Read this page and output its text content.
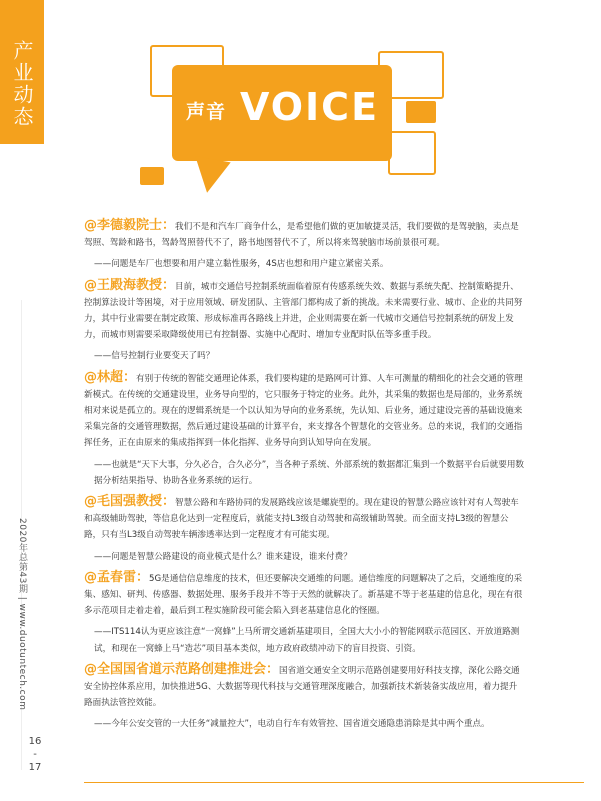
产业动态
2020年总第43期 | www.duotuntech.com
16
-
17
声音 VOICE

@李德毅院士：我们不是和汽车厂商争什么，是希望他们做的更加敏捷灵活，我们要做的是驾驶脑，卖点是驾照、驾龄和路书，驾龄驾照替代不了，路书地图替代不了，所以将来驾驶脑市场前景很可观。

——问题是车厂也想要和用户建立黏性服务，4S店也想和用户建立紧密关系。

@王殿海教授：目前，城市交通信号控制系统面临着原有传感系统失效、数据与系统失配、控制策略提升、控制算法设计等困境，对于应用领域、研发团队、主管部门都构成了新的挑战。未来需要行业、城市、企业的共同努力，其中行业需要在制定政策、形成标准再各路线上并进，企业则需要在新一代城市交通信号控制系统的研发上发力，而城市则需要采取降级使用已有控制器、实施中心配时、增加专业配时队伍等多重手段。

——信号控制行业要变天了吗？

@林超：有别于传统的智能交通理论体系，我们要构建的是路网可计算、人车可测量的精细化的社会交通的管理新模式。在传统的交通建设里，业务导向型的，它只服务于特定的业务。此外，其采集的数据也是局部的，业务系统相对来说是孤立的。现在的逻辑系统是一个以认知为导向的业务系统，先认知、后业务，通过建设完善的基础设施来采集完备的交通管理数据，然后通过建设基础的计算平台，来支撑各个智慧化的交管业务。总的来说，我们的交通指挥任务，正在由原来的集成指挥到一体化指挥、业务导向到认知导向在发展。

——也就是“天下大事，分久必合，合久必分”，当各种子系统、外部系统的数据都汇集到一个数据平台后就要用数据分析结果指导、协助各业务系统的运行。

@毛国强教授：智慧公路和车路协同的发展路线应该是螺旋型的。现在建设的智慧公路应该针对有人驾驶车和高级辅助驾驶，等信息化达到一定程度后，就能支持L3级自动驾驶和高级辅助驾驶。而全面支持L3级的智慧公路，只有当L3级自动驾驶车辆渗透率达到一定程度才有可能实现。

——问题是智慧公路建设的商业模式是什么？谁来建设，谁来付费？

@孟春雷：5G是通信信息维度的技术，但还要解决交通维的问题。通信维度的问题解决了之后，交通维度的采集、感知、研判、传感器、数据处理、服务手段并不等于天然的就解决了。新基建不等于老基建的信息化，现在有很多示范项目走着走着，最后到工程实施阶段可能会陷入到老基建信息化的怪圈。

——ITS114认为更应该注意“一窝蜂”上马所谓交通新基建项目，全国大大小小的智能网联示范园区、开放道路测试，和现在一窝蜂上马“造芯”项目基本类似，地方政府政绩冲动下的盲目投资、引资。

@全国国省道示范路创建推进会：国省道交通安全文明示范路创建要用好科技支撑，深化公路交通安全协控体系应用，加快推进5G、大数据等现代科技与交通管理深度融合，加强新技术新装备实战应用，着力提升路面执法管控效能。

——今年公安交管的一大任务“减量控大”，电动自行车有效管控、国省道交通隐患消除是其中两个重点。
